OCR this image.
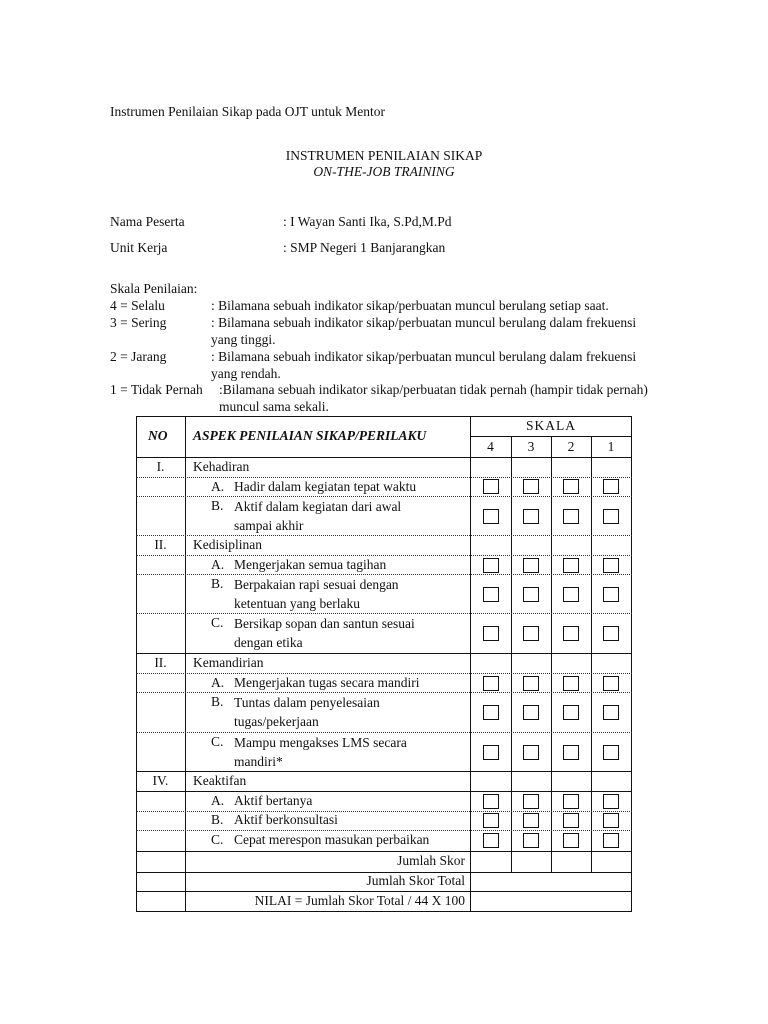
Instrumen Penilaian Sikap pada OJT untuk Mentor
INSTRUMEN PENILAIAN SIKAP
ON-THE-JOB TRAINING
Nama Peserta	: I Wayan Santi Ika, S.Pd,M.Pd
Unit Kerja	: SMP Negeri 1 Banjarangkan
Skala Penilaian:
4 = Selalu	: Bilamana sebuah indikator sikap/perbuatan muncul berulang setiap saat.
3 = Sering	: Bilamana sebuah indikator sikap/perbuatan muncul berulang dalam frekuensi yang tinggi.
2 = Jarang	: Bilamana sebuah indikator sikap/perbuatan muncul berulang dalam frekuensi yang rendah.
1 = Tidak Pernah :Bilamana sebuah indikator sikap/perbuatan tidak pernah (hampir tidak pernah) muncul sama sekali.
NO ASPEK PENILAIAN SIKAP/PERILAKU
SKALA
4	3	2	1
I.	Kehadiran
A. Hadir dalam kegiatan tepat waktu
B. Aktif dalam kegiatan dari awal sampai akhir
II.	Kedisiplinan
A. Mengerjakan semua tagihan
B. Berpakaian rapi sesuai dengan ketentuan yang berlaku
C. Bersikap sopan dan santun sesuai dengan etika
II.	Kemandirian
A. Mengerjakan tugas secara mandiri
B. Tuntas dalam penyelesaian tugas/pekerjaan
C. Mampu mengakses LMS secara mandiri*
IV.	Keaktifan
A. Aktif bertanya
B. Aktif berkonsultasi
C. Cepat merespon masukan perbaikan
Jumlah Skor
Jumlah Skor Total
NILAI = Jumlah Skor Total / 44 X 100
